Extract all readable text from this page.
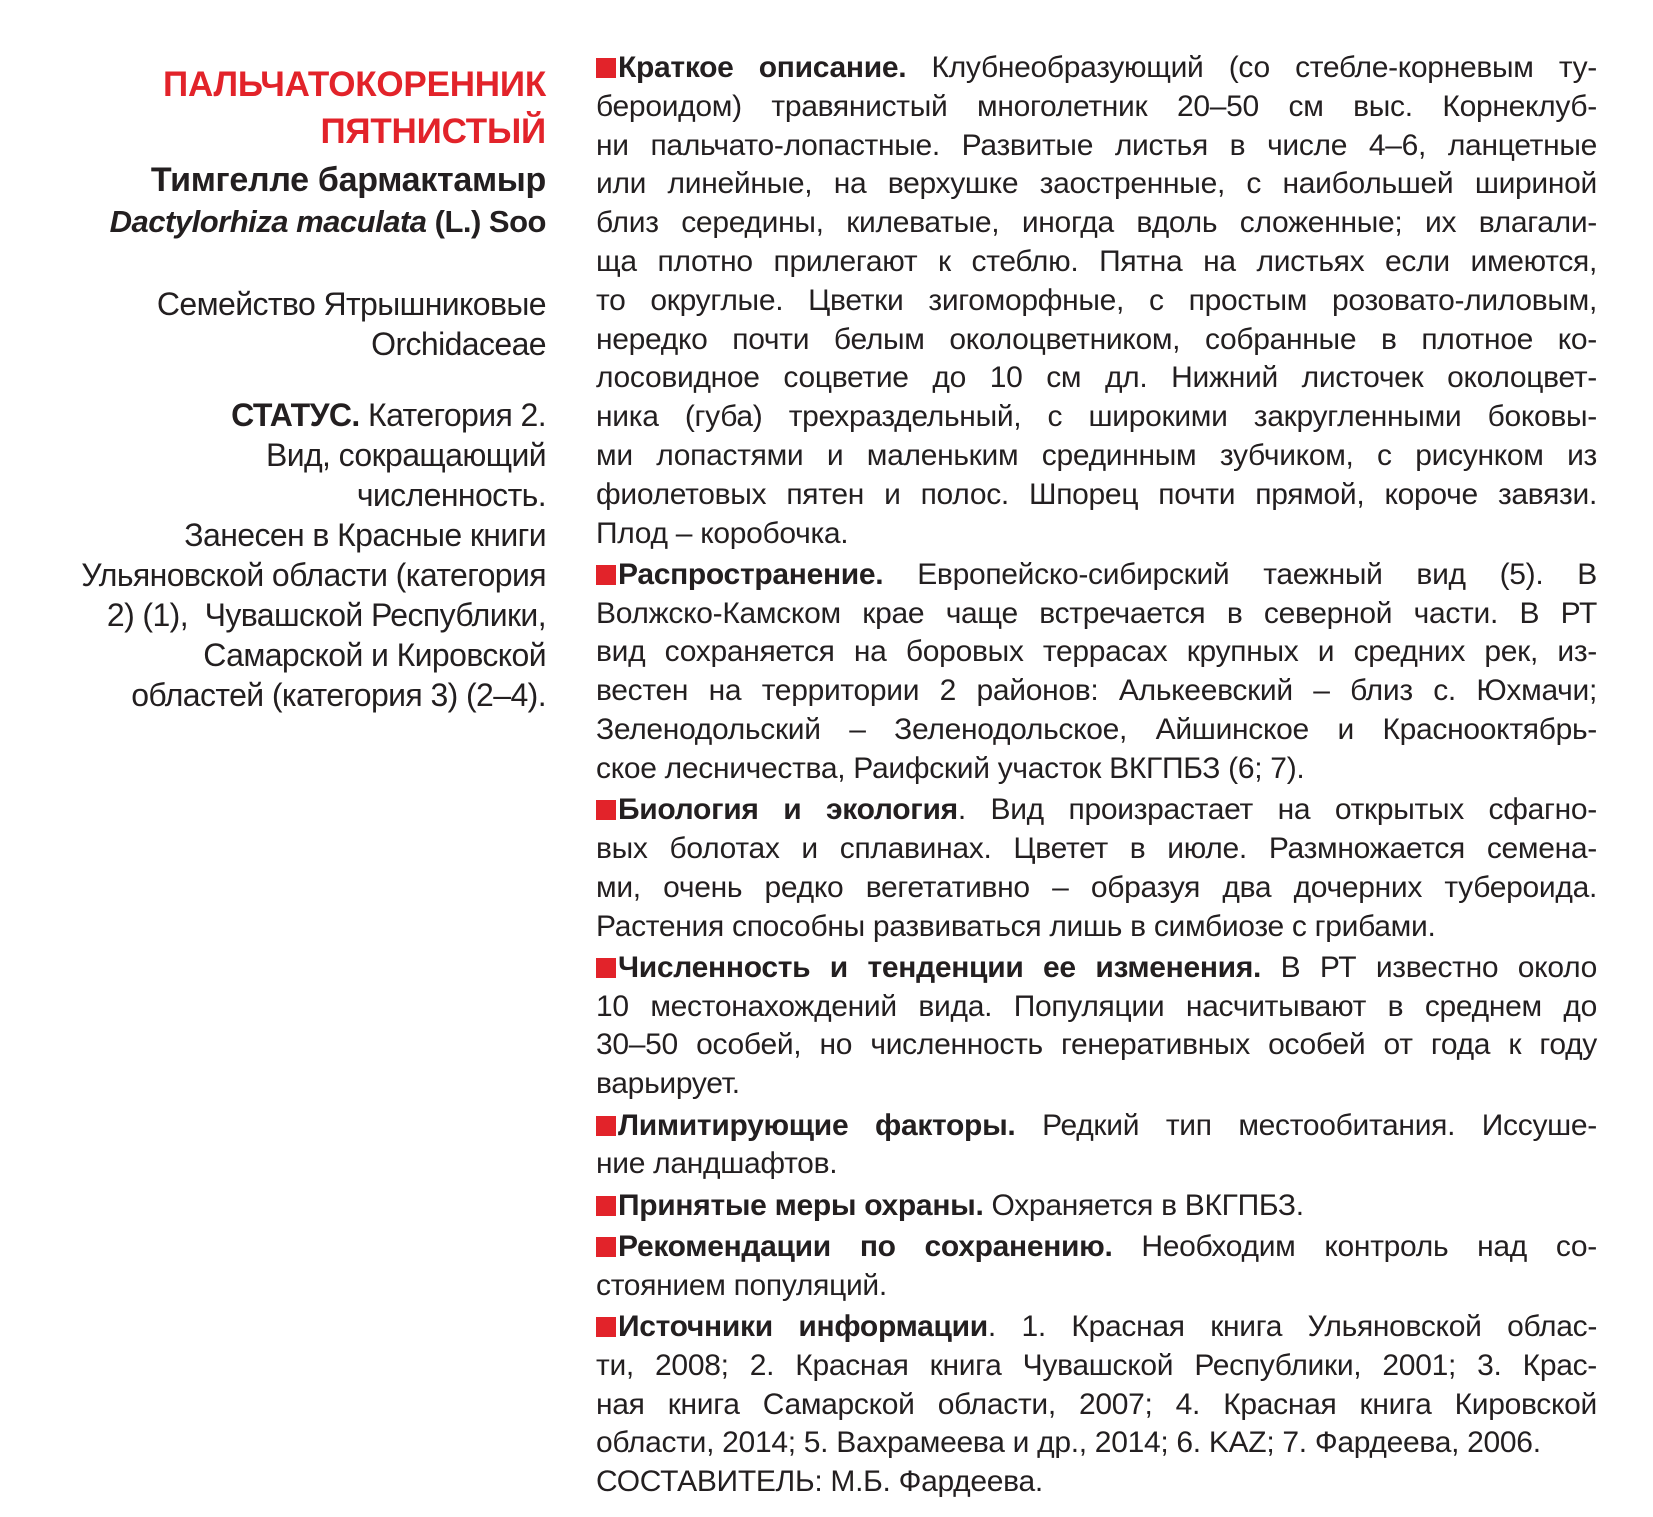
ПАЛЬЧАТОКОРЕННИК
ПЯТНИСТЫЙ
Тимгелле бармактамыр
Dactylorhiza maculata (L.) Soo
Семейство Ятрышниковые
Orchidaceae
СТАТУС. Категория 2.
Вид, сокращающий
численность.
Занесен в Красные книги
Ульяновской области (категория
2) (1),  Чувашской Республики,
Самарской и Кировской
областей (категория 3) (2–4).
Краткое описание. Клубнеобразующий (со стебле-корневым ту-
бероидом) травянистый многолетник 20–50 см выс. Корнеклуб-
ни пальчато-лопастные. Развитые листья в числе 4–6, ланцетные
или линейные, на верхушке заостренные, с наибольшей шириной
близ середины, килеватые, иногда вдоль сложенные; их влагали-
ща плотно прилегают к стеблю. Пятна на листьях если имеются,
то округлые. Цветки зигоморфные, с простым розовато-лиловым,
нередко почти белым околоцветником, собранные в плотное ко-
лосовидное соцветие до 10 см дл. Нижний листочек околоцвет-
ника (губа) трехраздельный, с широкими закругленными боковы-
ми лопастями и маленьким срединным зубчиком, с рисунком из
фиолетовых пятен и полос. Шпорец почти прямой, короче завязи.
Плод – коробочка.
Распространение. Европейско-сибирский таежный вид (5). В
Волжско-Камском крае чаще встречается в северной части. В РТ
вид сохраняется на боровых террасах крупных и средних рек, из-
вестен на территории 2 районов: Алькеевский – близ с. Юхмачи;
Зеленодольский – Зеленодольское, Айшинское и Краснооктябрь-
ское лесничества, Раифский участок ВКГПБЗ (6; 7).
Биология и экология. Вид произрастает на открытых сфагно-
вых болотах и сплавинах. Цветет в июле. Размножается семена-
ми, очень редко вегетативно – образуя два дочерних тубероида.
Растения способны развиваться лишь в симбиозе с грибами.
Численность и тенденции ее изменения. В РТ известно около
10 местонахождений вида. Популяции насчитывают в среднем до
30–50 особей, но численность генеративных особей от года к году
варьирует.
Лимитирующие факторы. Редкий тип местообитания. Иссуше-
ние ландшафтов.
Принятые меры охраны. Охраняется в ВКГПБЗ.
Рекомендации по сохранению. Необходим контроль над со-
стоянием популяций.
Источники информации. 1. Красная книга Ульяновской облас-
ти, 2008; 2. Красная книга Чувашской Республики, 2001; 3. Крас-
ная книга Самарской области, 2007; 4. Красная книга Кировской
области, 2014; 5. Вахрамеева и др., 2014; 6. KAZ; 7. Фардеева, 2006.
СОСТАВИТЕЛЬ: М.Б. Фардеева.
